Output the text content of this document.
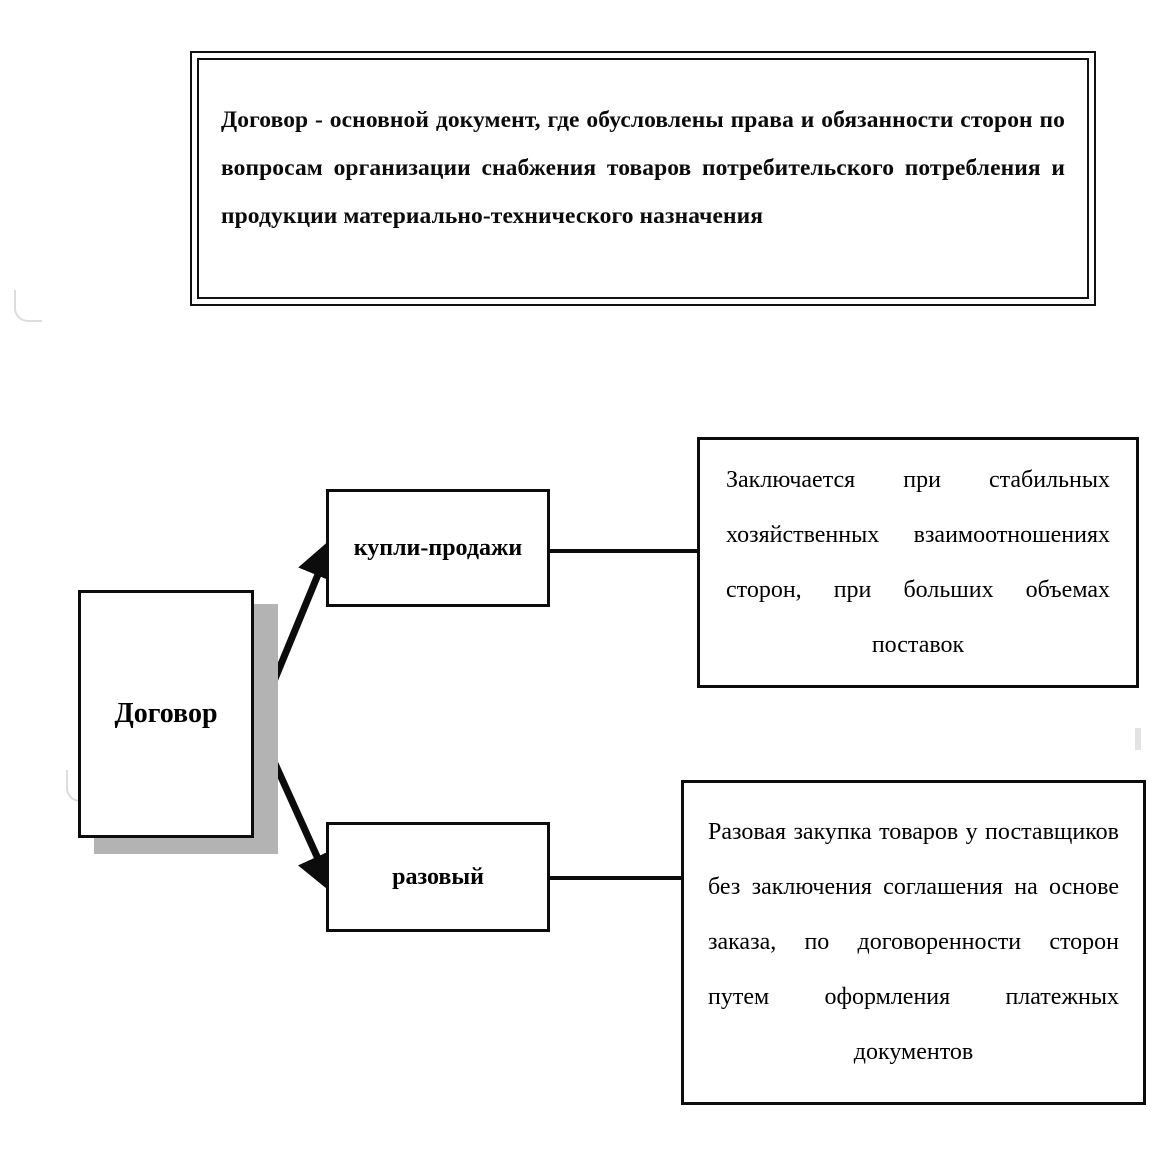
Договор - основной документ, где обусловлены права и обязанности сторон по вопросам организации снабжения товаров потребительского потребления и продукции материально-технического назначения
Договор
купли-продажи
Заключается при стабильных хозяйственных взаимоотношениях сторон, при больших объемах поставок
разовый
Разовая закупка товаров у поставщиков без заключения соглашения на основе заказа, по договоренности сторон путем оформления платежных документов
